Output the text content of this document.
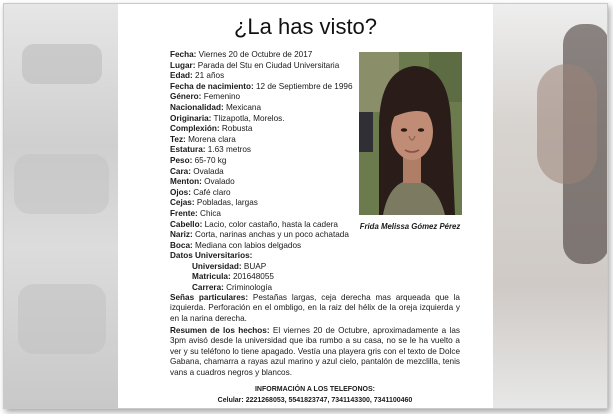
¿La has visto?
Fecha: Viernes 20 de Octubre de 2017
Lugar: Parada del Stu en Ciudad Universitaria
Edad: 21 años
Fecha de nacimiento: 12 de Septiembre de 1996
Género: Femenino
Nacionalidad: Mexicana
Originaria: Tlizapotla, Morelos.
Complexión: Robusta
Tez: Morena clara
Estatura: 1.63 metros
Peso: 65-70 kg
Cara: Ovalada
Menton: Ovalado
Ojos: Café claro
Cejas: Pobladas, largas
Frente: Chica
Cabello: Lacio, color castaño, hasta la cadera
Nariz: Corta, narinas anchas y un poco achatada
Boca: Mediana con labios delgados
Datos Universitarios:
Universidad: BUAP
Matricula: 201648055
Carrera: Criminología
Frida Melissa Gómez Pérez
Señas particulares: Pestañas largas, ceja derecha mas arqueada que la izquierda. Perforación en el ombligo, en la raiz del hélix de la oreja izquierda y en la narina derecha.
Resumen de los hechos: El viernes 20 de Octubre, aproximadamente a las 3pm avisó desde la universidad que iba rumbo a su casa, no se le ha vuelto a ver y su teléfono lo tiene apagado. Vestía una playera gris con el texto de Dolce Gabana, chamarra a rayas azul marino y azul cielo, pantalón de mezclilla, tenis vans a cuadros negros y blancos.
INFORMACIÓN A LOS TELEFONOS:
Celular: 2221268053, 5541823747, 7341143300, 7341100460
